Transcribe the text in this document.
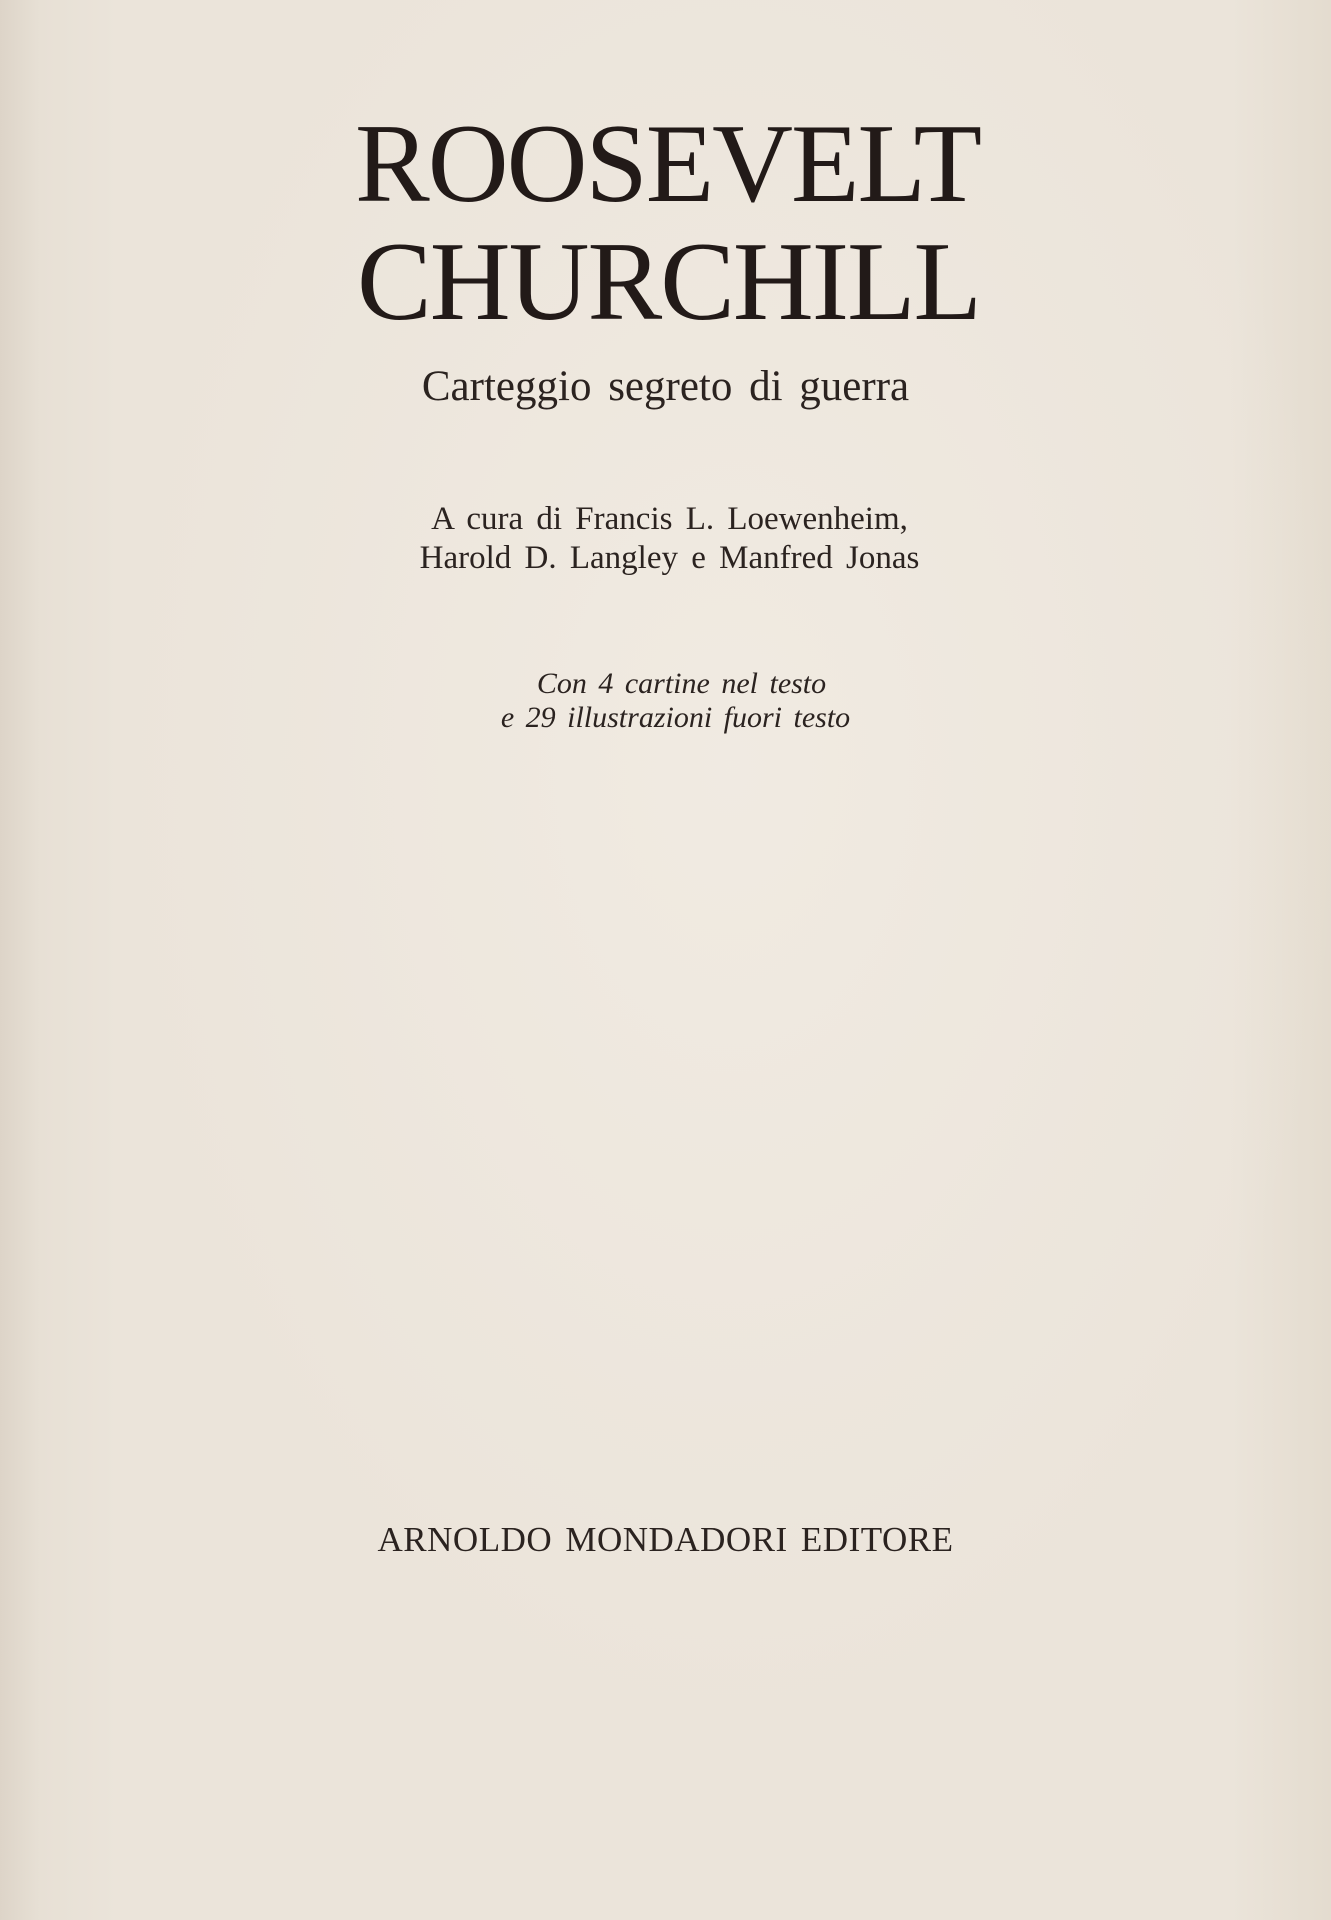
ROOSEVELT
CHURCHILL

Carteggio segreto di guerra

A cura di Francis L. Loewenheim,

Harold D. Langley e Manfred Jonas

Con 4 cartine nel testo

e 29 illustrazioni fuori testo

ARNOLDO MONDADORI EDITORE
